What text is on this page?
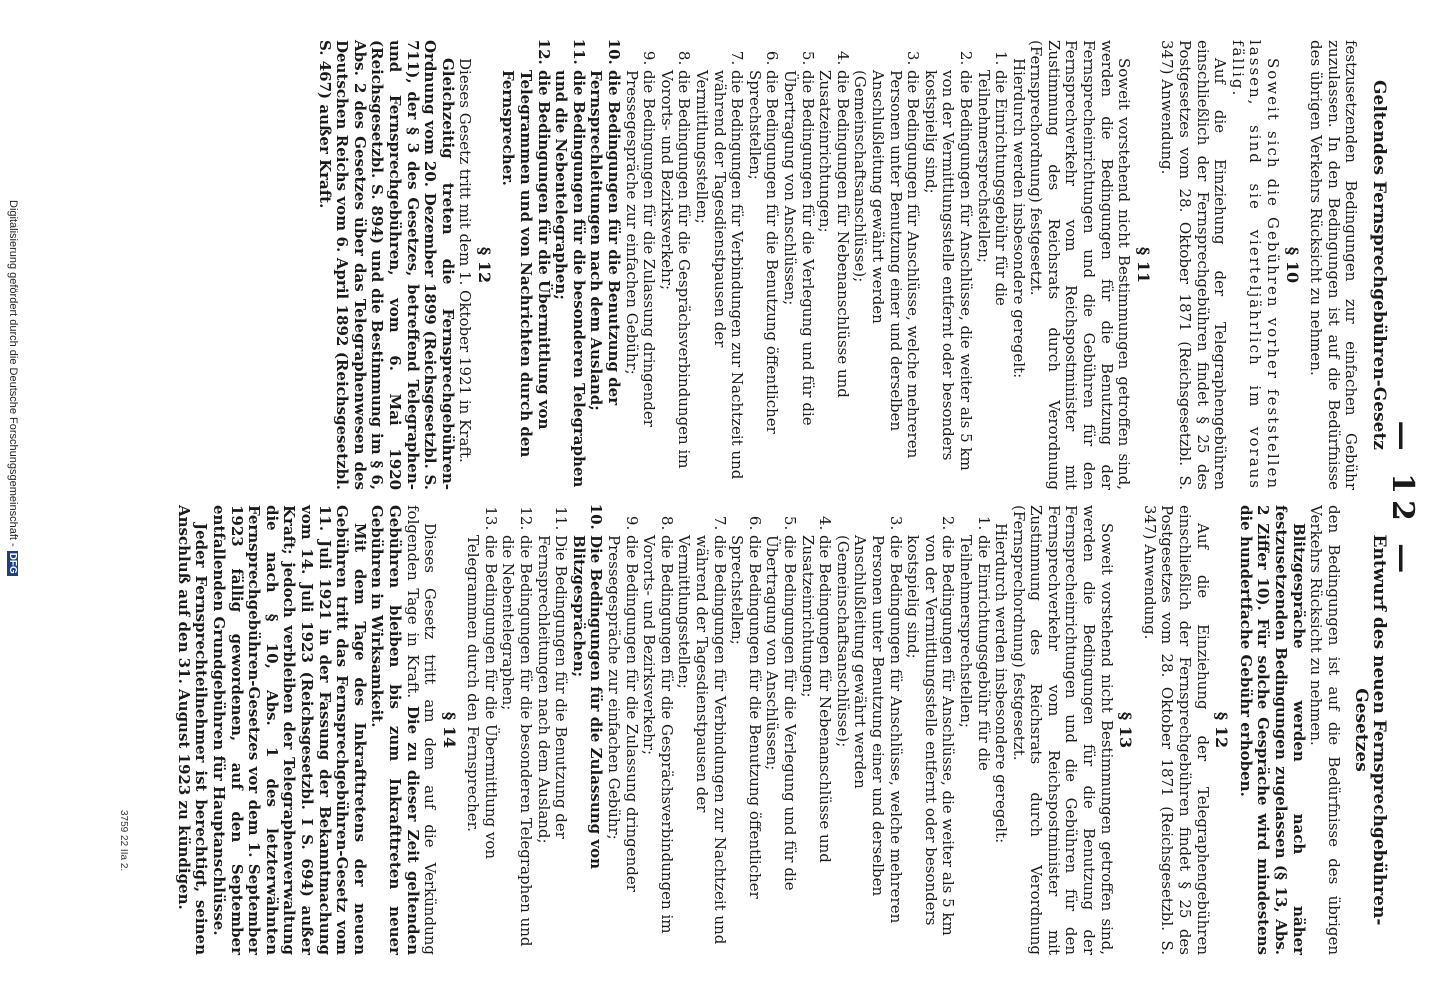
— 12 —
Geltendes Fernsprechgebühren-Gesetz

festzusetzenden Bedingungen zur einfachen Gebühr zuzulassen. In den Bedingungen ist auf die Bedürfnisse des übrigen Verkehrs Rücksicht zu nehmen.

§ 10

Soweit sich die Gebühren vorher feststellen lassen, sind sie vierteljährlich im voraus fällig.

Auf die Einziehung der Telegraphengebühren einschließlich der Fernsprechgebühren findet § 25 des Postgesetzes vom 28. Oktober 1871 (Reichsgesetzbl. S. 347) Anwendung.

§ 11

Soweit vorstehend nicht Bestimmungen getroffen sind, werden die Bedingungen für die Benutzung der Fernsprecheinrichtungen und die Gebühren für den Fernsprechverkehr vom Reichspostminister mit Zustimmung des Reichsrats durch Verordnung (Fernsprechordnung) festgesetzt.

Hierdurch werden insbesondere geregelt:

1. die Einrichtungsgebühr für die Teilnehmersprechstellen;
2. die Bedingungen für Anschlüsse, die weiter als 5 km von der Vermittlungsstelle entfernt oder besonders kostspielig sind;
3. die Bedingungen für Anschlüsse, welche mehreren Personen unter Benutzung einer und derselben Anschlußleitung gewährt werden (Gemeinschaftsanschlüsse);
4. die Bedingungen für Nebenanschlüsse und Zusatzeinrichtungen;
5. die Bedingungen für die Verlegung und für die Übertragung von Anschlüssen;
6. die Bedingungen für die Benutzung öffentlicher Sprechstellen;
7. die Bedingungen für Verbindungen zur Nachtzeit und während der Tagesdienstpausen der Vermittlungsstellen;
8. die Bedingungen für die Gesprächsverbindungen im Vororts- und Bezirksverkehr;
9. die Bedingungen für die Zulassung dringender Pressegespräche zur einfachen Gebühr;
10. die Bedingungen für die Benutzung der Fernsprechleitungen nach dem Ausland;
11. die Bedingungen für die besonderen Telegraphen und die Nebentelegraphen;
12. die Bedingungen für die Übermittlung von Telegrammen und von Nachrichten durch den Fernsprecher.
§ 12

Dieses Gesetz tritt mit dem 1. Oktober 1921 in Kraft.

Gleichzeitig treten die Fernsprechgebühren-Ordnung vom 20. Dezember 1899 (Reichsgesetzbl. S. 711), der § 3 des Gesetzes, betreffend Telegraphen- und Fernsprechgebühren, vom 6. Mai 1920 (Reichsgesetzbl. S. 894) und die Bestimmung im § 6, Abs. 2 des Gesetzes über das Telegraphenwesen des Deutschen Reichs vom 6. April 1892 (Reichsgesetzbl. S. 467) außer Kraft.

Entwurf des neuen Fernsprechgebühren-Gesetzes

den Bedingungen ist auf die Bedürfnisse des übrigen Verkehrs Rücksicht zu nehmen.

Blitzgespräche werden nach näher festzusetzenden Bedingungen zugelassen (§ 13, Abs. 2 Ziffer 10). Für solche Gespräche wird mindestens die hundertfache Gebühr erhoben.

§ 12

Auf die Einziehung der Telegraphengebühren einschließlich der Fernsprechgebühren findet § 25 des Postgesetzes vom 28. Oktober 1871 (Reichsgesetzbl. S. 347) Anwendung.

§ 13

Soweit vorstehend nicht Bestimmungen getroffen sind, werden die Bedingungen für die Benutzung der Fernsprecheinrichtungen und die Gebühren für den Fernsprechverkehr vom Reichspostminister mit Zustimmung des Reichsrats durch Verordnung (Fernsprechordnung) festgesetzt.

Hierdurch werden insbesondere geregelt:

1. die Einrichtungsgebühr für die Teilnehmersprechstellen;
2. die Bedingungen für Anschlüsse, die weiter als 5 km von der Vermittlungsstelle entfernt oder besonders kostspielig sind;
3. die Bedingungen für Anschlüsse, welche mehreren Personen unter Benutzung einer und derselben Anschlußleitung gewährt werden (Gemeinschaftsanschlüsse);
4. die Bedingungen für Nebenanschlüsse und Zusatzeinrichtungen;
5. die Bedingungen für die Verlegung und für die Übertragung von Anschlüssen;
6. die Bedingungen für die Benutzung öffentlicher Sprechstellen;
7. die Bedingungen für Verbindungen zur Nachtzeit und während der Tagesdienstpausen der Vermittlungsstellen;
8. die Bedingungen für die Gesprächsverbindungen im Vororts- und Bezirksverkehr;
9. die Bedingungen für die Zulassung dringender Pressegespräche zur einfachen Gebühr;
10. Die Bedingungen für die Zulassung von Blitzgesprächen;
11. Die Bedingungen für die Benutzung der Fernsprechleitungen nach dem Ausland;
12. die Bedingungen für die besonderen Telegraphen und die Nebentelegraphen;
13. die Bedingungen für die Übermittlung von Telegrammen durch den Fernsprecher.
§ 14

Dieses Gesetz tritt am dem auf die Verkündung folgenden Tage in Kraft. Die zu dieser Zeit geltenden Gebühren bleiben bis zum Inkrafttreten neuer Gebühren in Wirksamkeit.

Mit dem Tage des Inkrafttretens der neuen Gebühren tritt das Fernsprechgebühren-Gesetz vom 11. Juli 1921 in der Fassung der Bekanntmachung vom 14. Juli 1923 (Reichsgesetzbl. I S. 694) außer Kraft; jedoch verbleiben der Telegraphenverwaltung die nach § 10, Abs. 1 des letzterwähnten Fernsprechgebühren-Gesetzes vor dem 1. September 1923 fällig gewordenen, auf den September entfallenden Grundgebühren für Hauptanschlüsse.

Jeder Fernsprechteilnehmer ist berechtigt, seinen Anschluß auf den 31. August 1923 zu kündigen.

3759 22 IIa 2.
Digitalisierung gefördert durch die Deutsche Forschungsgemeinschaft -DFG
